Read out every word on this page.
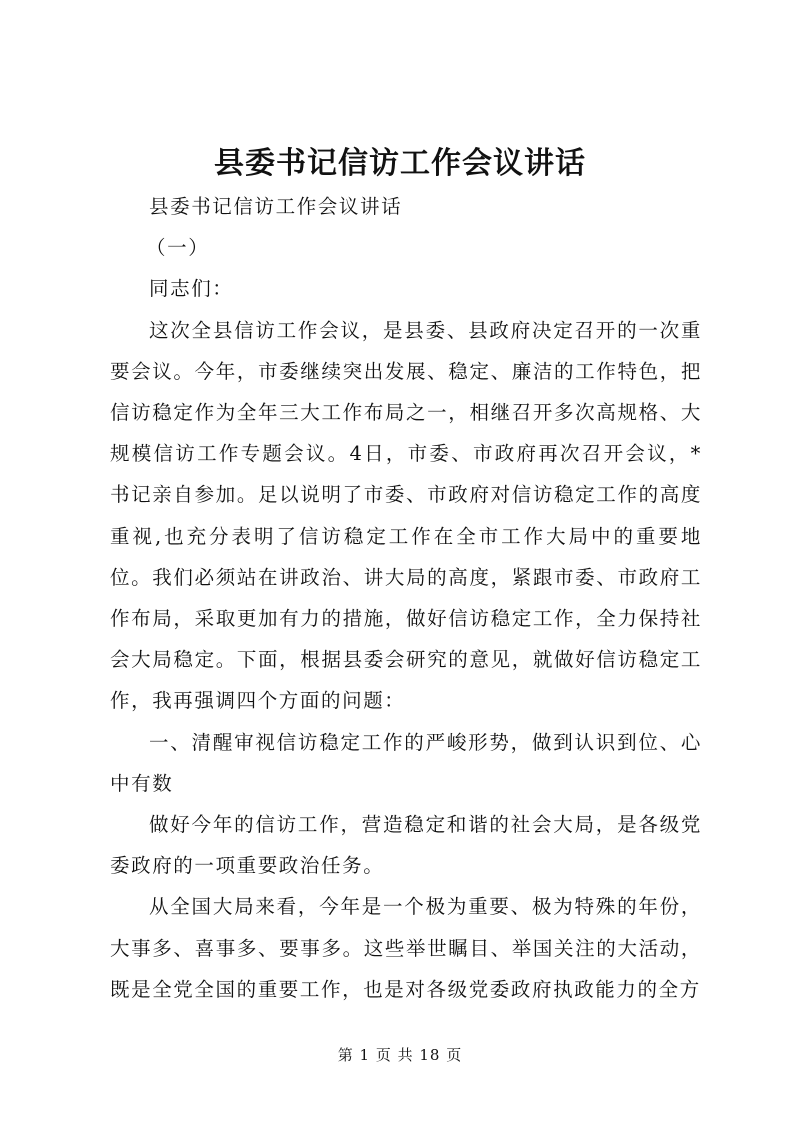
县委书记信访工作会议讲话

县委书记信访工作会议讲话

（一）

同志们：

这次全县信访工作会议，是县委、县政府决定召开的一次重要会议。今年，市委继续突出发展、稳定、廉洁的工作特色，把信访稳定作为全年三大工作布局之一，相继召开多次高规格、大规模信访工作专题会议。4日，市委、市政府再次召开会议，*书记亲自参加。足以说明了市委、市政府对信访稳定工作的高度重视,也充分表明了信访稳定工作在全市工作大局中的重要地位。我们必须站在讲政治、讲大局的高度，紧跟市委、市政府工作布局，采取更加有力的措施，做好信访稳定工作，全力保持社会大局稳定。下面，根据县委会研究的意见，就做好信访稳定工作，我再强调四个方面的问题：

一、清醒审视信访稳定工作的严峻形势，做到认识到位、心中有数

做好今年的信访工作，营造稳定和谐的社会大局，是各级党委政府的一项重要政治任务。

从全国大局来看，今年是一个极为重要、极为特殊的年份，大事多、喜事多、要事多。这些举世瞩目、举国关注的大活动，既是全党全国的重要工作，也是对各级党委政府执政能力的全方

第 1 页 共 18 页
